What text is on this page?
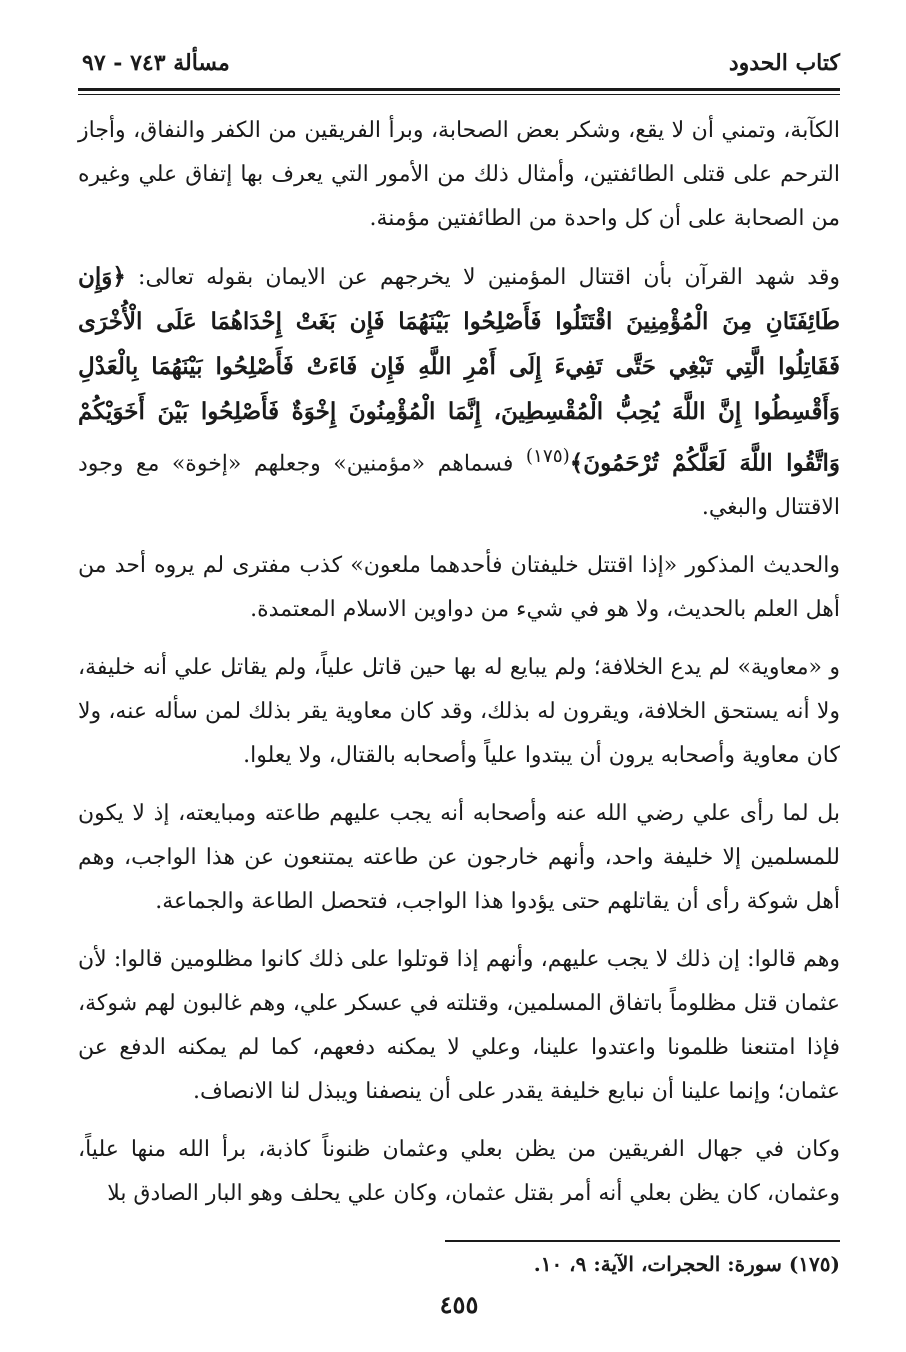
كتاب الحدود
مسألة ٧٤٣ - ٩٧

الكآبة، وتمني أن لا يقع، وشكر بعض الصحابة، وبرأ الفريقين من الكفر والنفاق، وأجاز الترحم على قتلى الطائفتين، وأمثال ذلك من الأمور التي يعرف بها إتفاق علي وغيره من الصحابة على أن كل واحدة من الطائفتين مؤمنة.

وقد شهد القرآن بأن اقتتال المؤمنين لا يخرجهم عن الايمان بقوله تعالى: ﴿وَإِن طَائِفَتَانِ مِنَ الْمُؤْمِنِينَ اقْتَتَلُوا فَأَصْلِحُوا بَيْنَهُمَا فَإِن بَغَتْ إِحْدَاهُمَا عَلَى الْأُخْرَى فَقَاتِلُوا الَّتِي تَبْغِي حَتَّى تَفِيءَ إِلَى أَمْرِ اللَّهِ فَإِن فَاءَتْ فَأَصْلِحُوا بَيْنَهُمَا بِالْعَدْلِ وَأَقْسِطُوا إِنَّ اللَّهَ يُحِبُّ الْمُقْسِطِينَ، إِنَّمَا الْمُؤْمِنُونَ إِخْوَةٌ فَأَصْلِحُوا بَيْنَ أَخَوَيْكُمْ وَاتَّقُوا اللَّهَ لَعَلَّكُمْ تُرْحَمُونَ﴾$^{(١٧٥)}$ فسماهم «مؤمنين» وجعلهم «إخوة» مع وجود الاقتتال والبغي.

والحديث المذكور «إذا اقتتل خليفتان فأحدهما ملعون» كذب مفترى لم يروه أحد من أهل العلم بالحديث، ولا هو في شيء من دواوين الاسلام المعتمدة.

و «معاوية» لم يدع الخلافة؛ ولم يبايع له بها حين قاتل علياً، ولم يقاتل علي أنه خليفة، ولا أنه يستحق الخلافة، ويقرون له بذلك، وقد كان معاوية يقر بذلك لمن سأله عنه، ولا كان معاوية وأصحابه يرون أن يبتدوا علياً وأصحابه بالقتال، ولا يعلوا.

بل لما رأى علي رضي الله عنه وأصحابه أنه يجب عليهم طاعته ومبايعته، إذ لا يكون للمسلمين إلا خليفة واحد، وأنهم خارجون عن طاعته يمتنعون عن هذا الواجب، وهم أهل شوكة رأى أن يقاتلهم حتى يؤدوا هذا الواجب، فتحصل الطاعة والجماعة.

وهم قالوا: إن ذلك لا يجب عليهم، وأنهم إذا قوتلوا على ذلك كانوا مظلومين قالوا: لأن عثمان قتل مظلوماً باتفاق المسلمين، وقتلته في عسكر علي، وهم غالبون لهم شوكة، فإذا امتنعنا ظلمونا واعتدوا علينا، وعلي لا يمكنه دفعهم، كما لم يمكنه الدفع عن عثمان؛ وإنما علينا أن نبايع خليفة يقدر على أن ينصفنا ويبذل لنا الانصاف.

وكان في جهال الفريقين من يظن بعلي وعثمان ظنوناً كاذبة، برأ الله منها علياً، وعثمان، كان يظن بعلي أنه أمر بقتل عثمان، وكان علي يحلف وهو البار الصادق بلا

(١٧٥) سورة: الحجرات، الآية: ٩، ١٠.
٤٥٥
